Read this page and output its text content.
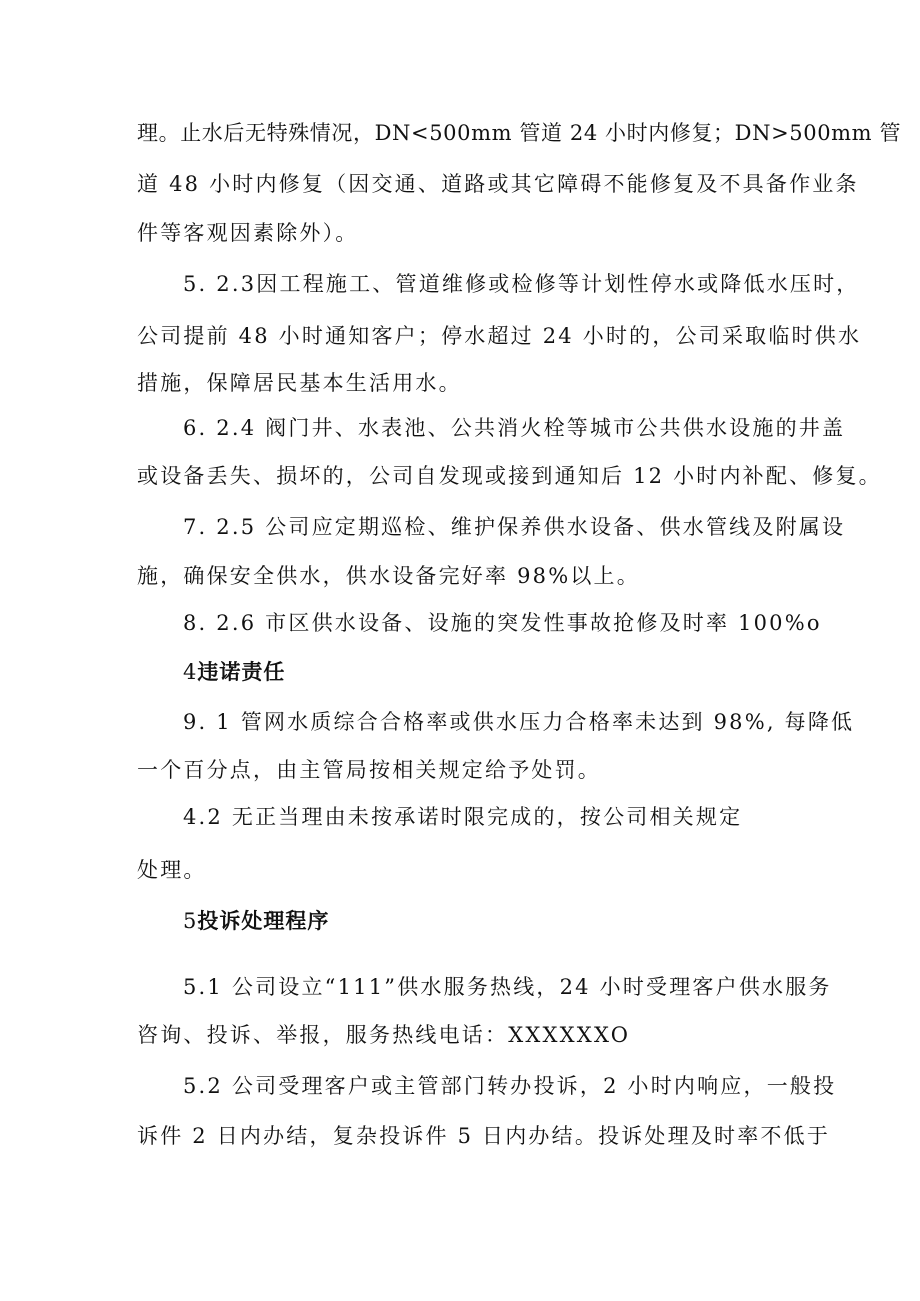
理。止水后无特殊情况，DN<500mm 管道 24 小时内修复；DN>500mm 管
道 48 小时内修复（因交通、道路或其它障碍不能修复及不具备作业条
件等客观因素除外）。
5. 2.3因工程施工、管道维修或检修等计划性停水或降低水压时，
公司提前 48 小时通知客户；停水超过 24 小时的，公司采取临时供水
措施，保障居民基本生活用水。
6. 2.4 阀门井、水表池、公共消火栓等城市公共供水设施的井盖
或设备丢失、损坏的，公司自发现或接到通知后 12 小时内补配、修复。
7. 2.5 公司应定期巡检、维护保养供水设备、供水管线及附属设
施，确保安全供水，供水设备完好率 98%以上。
8. 2.6 市区供水设备、设施的突发性事故抢修及时率 100%o
4违诺责任
9. 1 管网水质综合合格率或供水压力合格率未达到 98%, 每降低
一个百分点，由主管局按相关规定给予处罚。
4.2 无正当理由未按承诺时限完成的，按公司相关规定
处理。
5投诉处理程序
5.1 公司设立“111”供水服务热线，24 小时受理客户供水服务
咨询、投诉、举报，服务热线电话：XXXXXXO
5.2 公司受理客户或主管部门转办投诉，2 小时内响应，一般投
诉件 2 日内办结，复杂投诉件 5 日内办结。投诉处理及时率不低于
